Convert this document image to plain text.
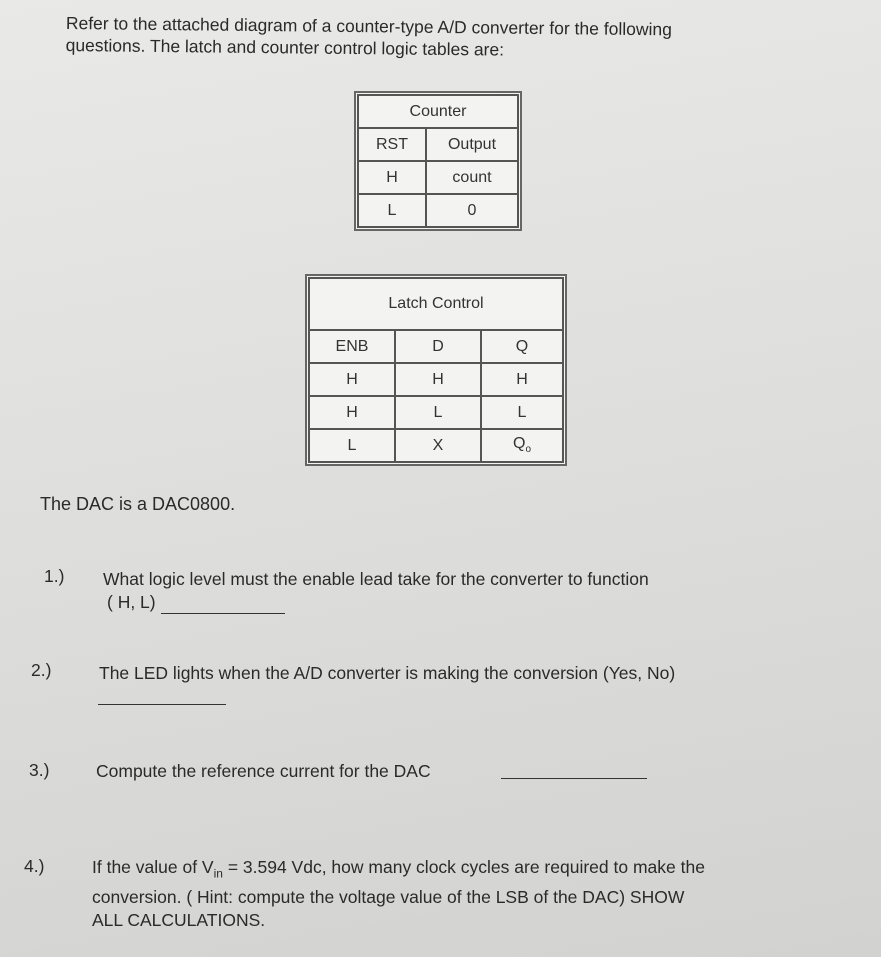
Refer to the attached diagram of a counter-type A/D converter for the following
questions. The latch and counter control logic tables are:
Counter	
RST	Output
H	count
L	0
Latch Control		
ENB	D	Q
H	H	H
H	L	L
L	X	$Q_o$
The DAC is a DAC0800.
1.) What logic level must the enable lead take for the converter to function
( H, L)
2.)	The LED lights when the A/D converter is making the conversion (Yes, No)
3.)	Compute the reference current for the DAC
4.)	If the value of $V_{in} = 3.594$ Vdc, how many clock cycles are required to make the
conversion. ( Hint: compute the voltage value of the LSB of the DAC) SHOW
ALL CALCULATIONS.
